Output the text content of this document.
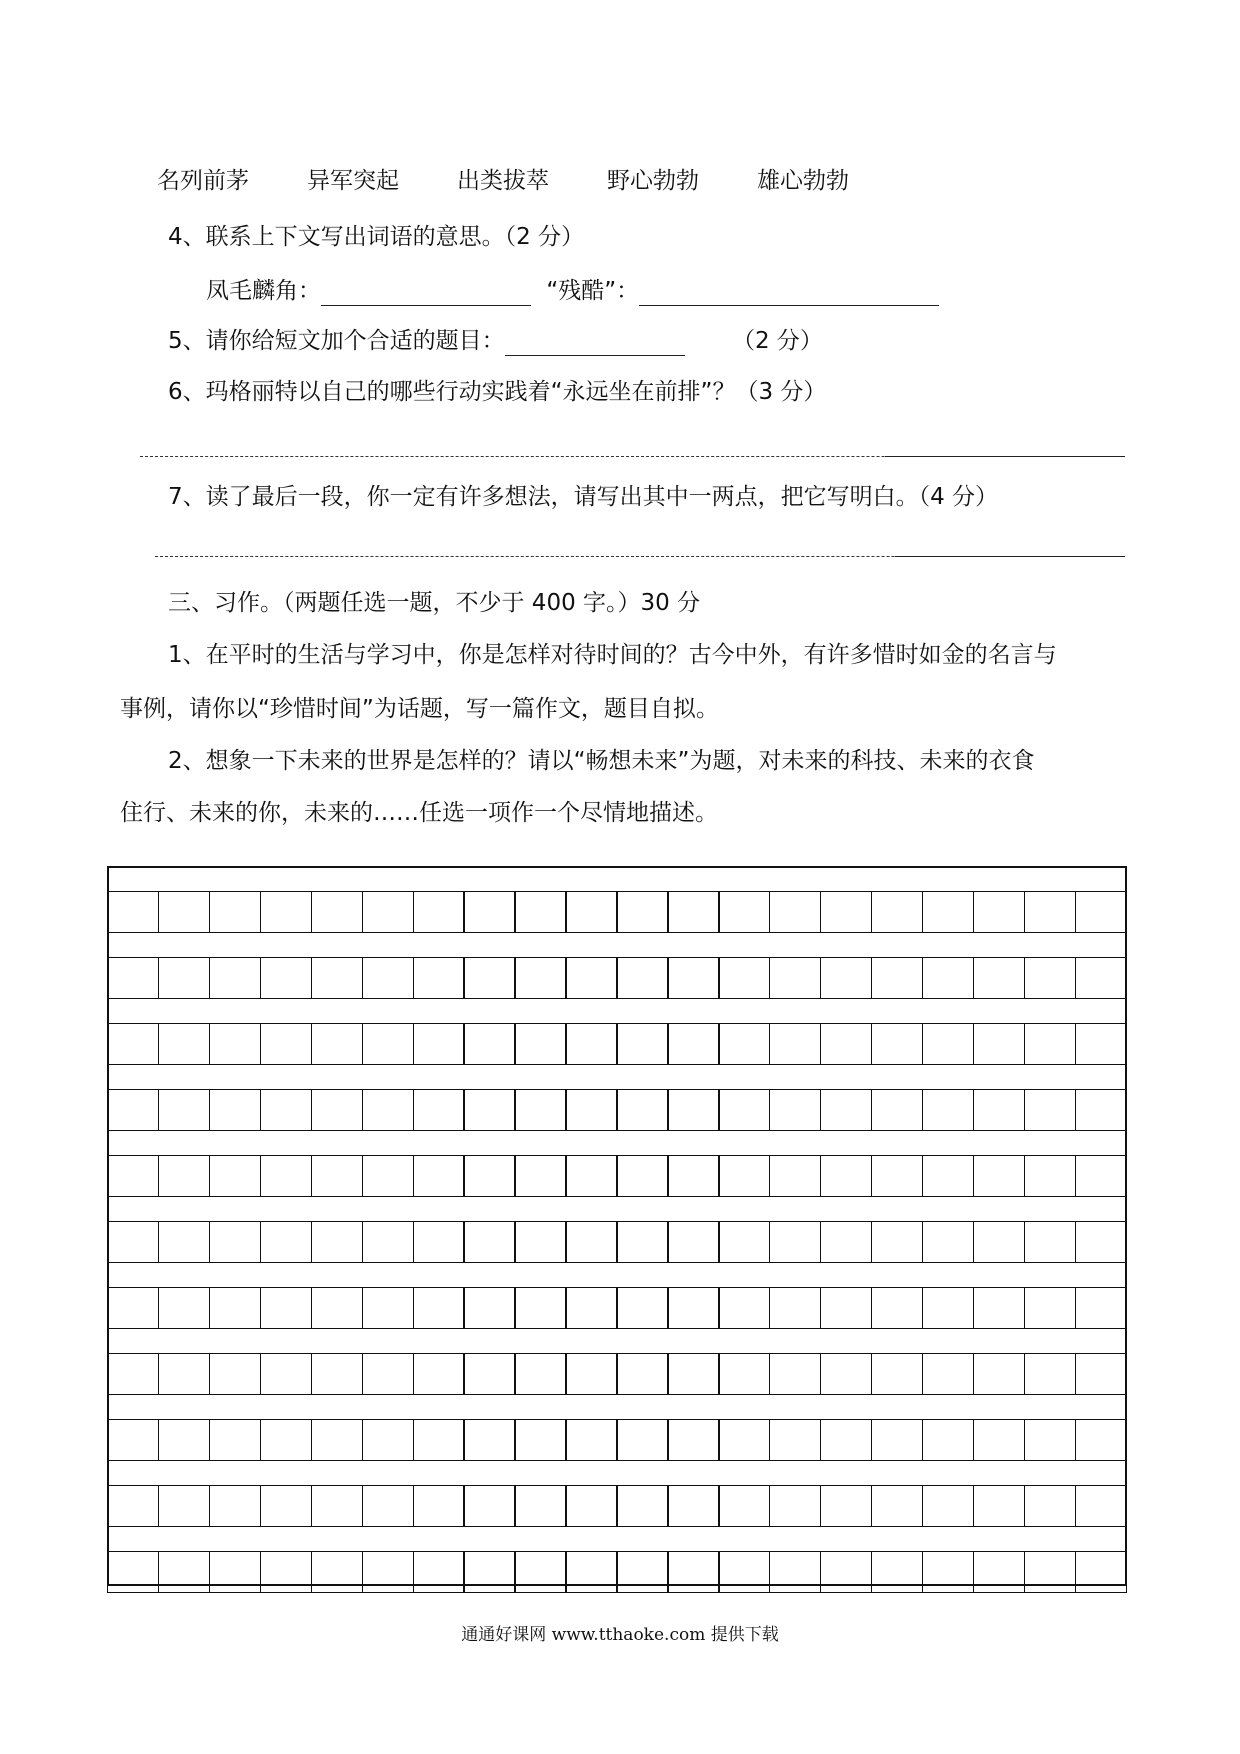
名列前茅	异军突起	出类拔萃	野心勃勃	雄心勃勃
4、联系上下文写出词语的意思。（2 分）
凤毛麟角：	“残酷”：
5、请你给短文加个合适的题目：	（2 分）
6、玛格丽特以自己的哪些行动实践着“永远坐在前排”？（3 分）
7、读了最后一段，你一定有许多想法，请写出其中一两点，把它写明白。（4 分）
三、习作。（两题任选一题，不少于 400 字。）30 分
1、在平时的生活与学习中，你是怎样对待时间的？古今中外，有许多惜时如金的名言与
事例，请你以“珍惜时间”为话题，写一篇作文，题目自拟。
2、想象一下未来的世界是怎样的？请以“畅想未来”为题，对未来的科技、未来的衣食
住行、未来的你，未来的……任选一项作一个尽情地描述。
通通好课网 www.tthaoke.com 提供下载
